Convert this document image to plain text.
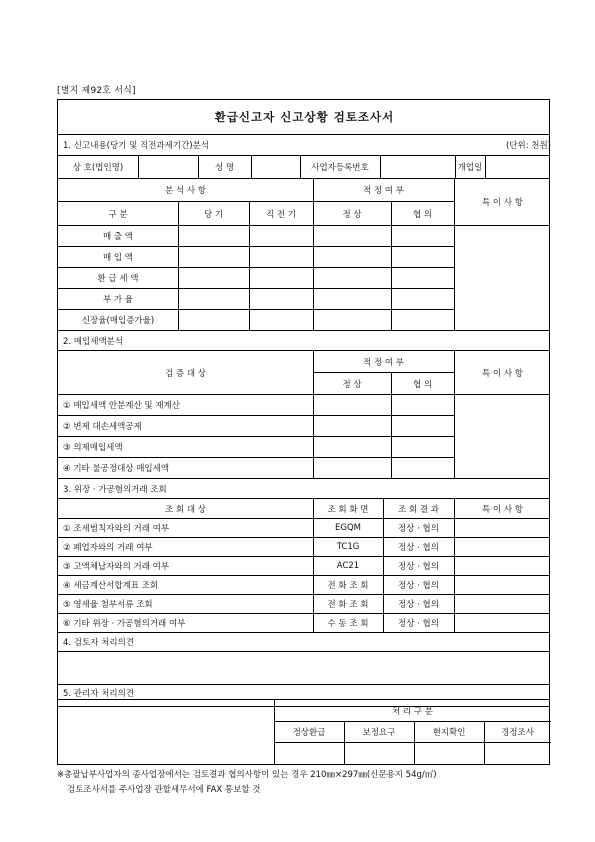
[별지 제92호 서식]
환급신고자 신고상황 검토조사서
1. 신고내용(당기 및 직전과세기간)분석	(단위: 천원)
상 호(법인명)	성 명	사업자등록번호	개업일
분 석 사 항	적 정 여 부
특 이 사 항
구 분	당 기	직 전 기	정 상	협 의
매 출 액
매 입 액
환 급 세 액
부 가 율
신장율(매입증가율)
2. 매입세액분석
검 증 대 상
적 정 여 부
정 상	협 의
특 이 사 항
① 매입세액 안분계산 및 재계산
② 변제 대손세액공제
③ 의제매입세액
④ 기타 불공정대상 매입세액
3. 위장 · 가공혐의거래 조회
조 회 대 상	조 회 화 면	조 회 결 과	특 이 사 항
① 조세범칙자와의 거래 여부	EGQM	정상 · 협의
② 폐업자와의 거래 여부	TC1G	정상 · 협의
③ 고액체납자와의 거래 여부	AC21	정상 · 협의
④ 세금계산서합계표 조회	전 화 조 회	정상 · 협의
⑤ 영세율 첨부서류 조회	전 화 조 회	정상 · 협의
⑥ 기타 위장 · 가공혐의거래 여부	수 동 조 회	정상 · 협의
4. 검토자 처리의견
5. 관리자 처리의견
처 리 구 분
정상환급	보정요구	현지확인	경정조사
※총괄납부사업자의 종사업장에서는 검토결과 협의사항이 있는 경우 210㎜×297㎜(신문용지 54g/㎡)
검토조사서를 주사업장 관할세무서에 FAX 통보할 것
